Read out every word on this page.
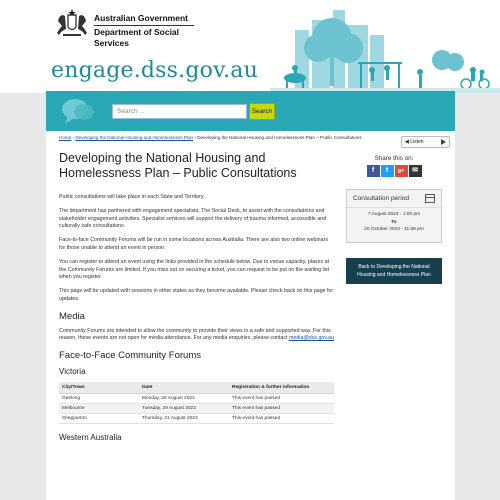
Australian Government
Department of Social Services
engage.dss.gov.au
Search ...	Search
Home › Developing the National Housing and Homelessness Plan › Developing the National Housing and Homelessness Plan – Public Consultations
◀ Listen
Developing the National Housing and Homelessness Plan – Public Consultations

Public consultations will take place in each State and Territory.

The department has partnered with engagement specialists, The Social Deck, to assist with the consultations and stakeholder engagement activities. Specialist services will support the delivery of trauma informed, accessible and culturally safe consultations.

Face-to-face Community Forums will be run in some locations across Australia. There are also two online webinars for those unable to attend an event in person.

You can register to attend an event using the links provided in the schedule below. Due to venue capacity, places at the Community Forums are limited. If you miss out on securing a ticket, you can request to be put on the waiting list when you register.

This page will be updated with sessions in other states as they become available. Please check back on this page for updates.

Media

Community Forums are intended to allow the community to provide their views in a safe and supported way. For this reason, these events are not open for media attendance. For any media enquiries, please contact media@dss.gov.au

Face-to-Face Community Forums
Victoria
City/Town	Date	Registration & further information
Geelong	Monday, 28 August 2023	This event has passed
Melbourne	Tuesday, 29 August 2023	This event has passed
Shepparton	Thursday, 31 August 2023	This event has passed
Western Australia
Share this on:
f	t	g+	✉
Consultation period
7 August 2023 - 1:00 pm
To
20 October 2023 - 11:59 pm
Back to Developing the National Housing and Homelessness Plan
